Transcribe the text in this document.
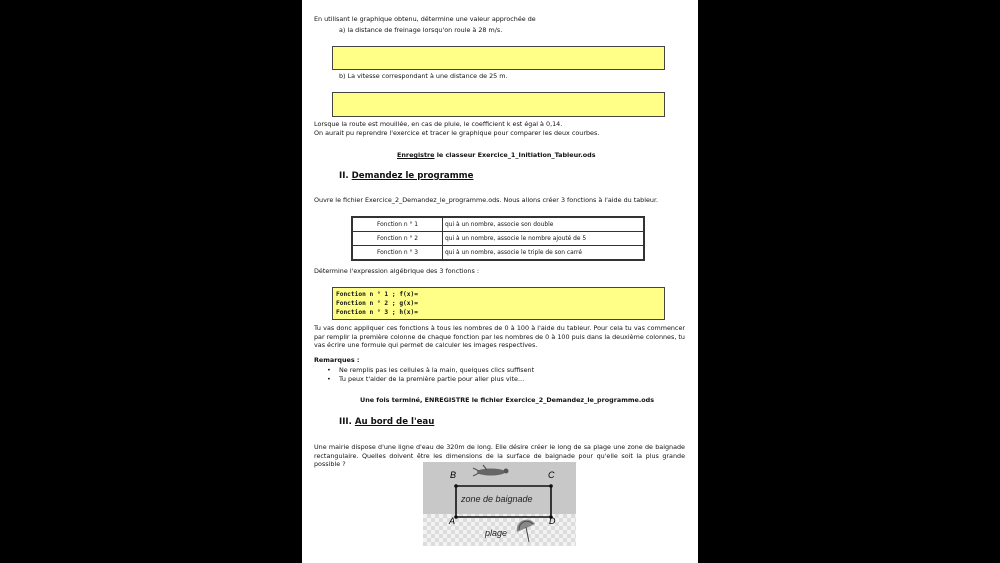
En utilisant le graphique obtenu, détermine une valeur approchée de
a) la distance de freinage lorsqu'on roule à 28 m/s.
b) La vitesse correspondant à une distance de 25 m.
Lorsque la route est mouillée, en cas de pluie, le coefficient k est égal à 0,14.
On aurait pu reprendre l'exercice et tracer le graphique pour comparer les deux courbes.
Enregistre le classeur Exercice_1_Initiation_Tableur.ods
II. Demandez le programme
Ouvre le fichier Exercice_2_Demandez_le_programme.ods. Nous allons créer 3 fonctions à l'aide du tableur.
Fonction n ° 1	qui à un nombre, associe son double
Fonction n ° 2	qui à un nombre, associe le nombre ajouté de 5
Fonction n ° 3	qui à un nombre, associe le triple de son carré
Détermine l'expression algébrique des 3 fonctions :
Fonction n ° 1 ; f(x)=
Fonction n ° 2 ; g(x)=
Fonction n ° 3 ; h(x)=
Tu vas donc appliquer ces fonctions à tous les nombres de 0 à 100 à l'aide du tableur. Pour cela tu vas commencer par remplir la première colonne de chaque fonction par les nombres de 0 à 100 puis dans la deuxième colonnes, tu vas écrire une formule qui permet de calculer les images respectives.
Remarques :
• Ne remplis pas les cellules à la main, quelques clics suffisent
• Tu peux t'aider de la première partie pour aller plus vite…
Une fois terminé, ENREGISTRE le fichier Exercice_2_Demandez_le_programme.ods
III. Au bord de l'eau
Une mairie dispose d'une ligne d'eau de 320m de long. Elle désire créer le long de sa plage une zone de baignade rectangulaire. Quelles doivent être les dimensions de la surface de baignade pour qu'elle soit la plus grande possible ?
B	C
A	D
zone de baignade
plage
